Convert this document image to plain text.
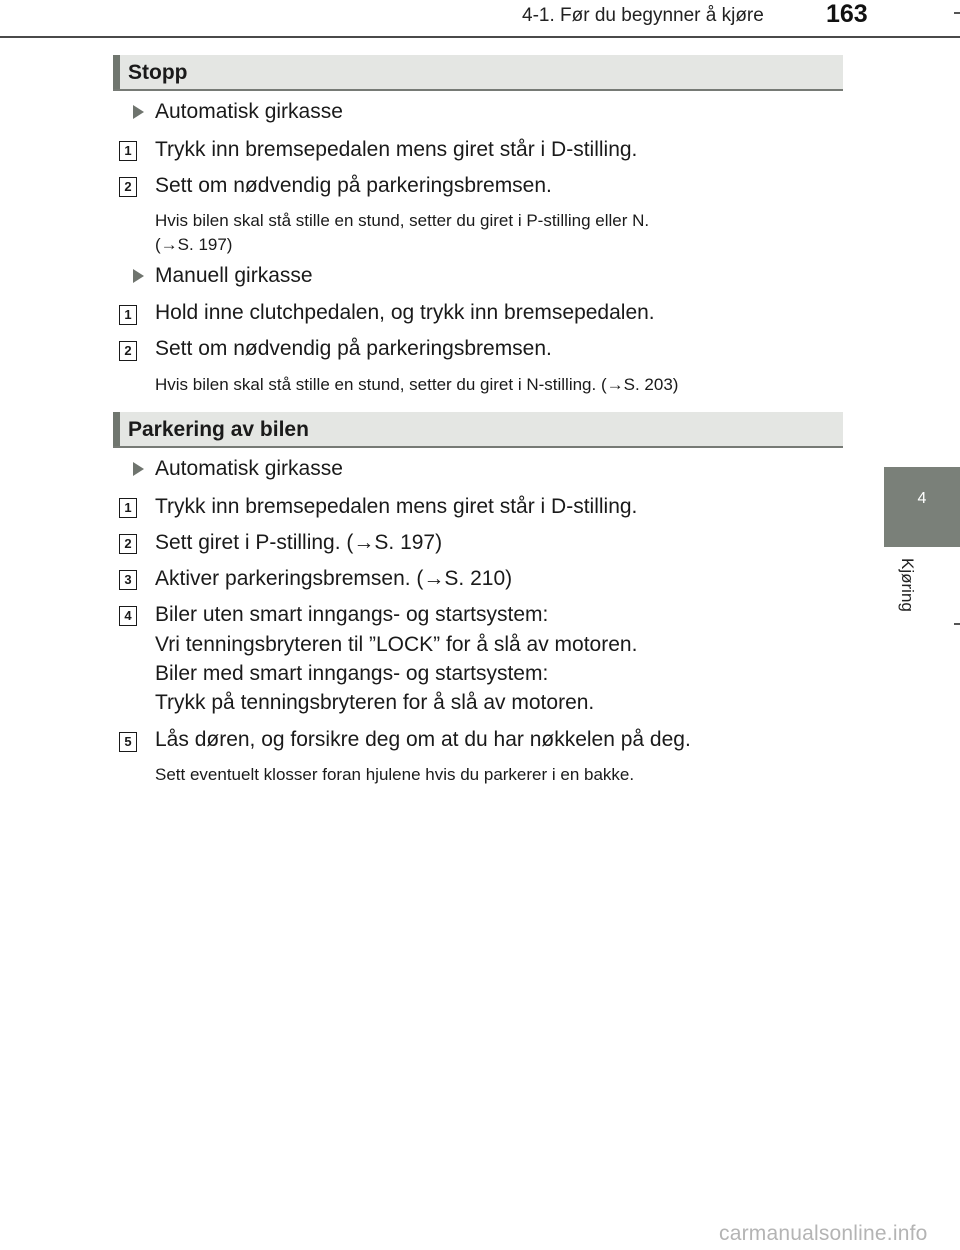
4-1. Før du begynner å kjøre 163
4
Kjøring
Stopp
Automatisk girkasse
1 Trykk inn bremsepedalen mens giret står i D-stilling.
2 Sett om nødvendig på parkeringsbremsen.
Hvis bilen skal stå stille en stund, setter du giret i P-stilling eller N.
(→S. 197)
Manuell girkasse
1 Hold inne clutchpedalen, og trykk inn bremsepedalen.
2 Sett om nødvendig på parkeringsbremsen.
Hvis bilen skal stå stille en stund, setter du giret i N-stilling. (→S. 203)
Parkering av bilen
Automatisk girkasse
1 Trykk inn bremsepedalen mens giret står i D-stilling.
2 Sett giret i P-stilling. (→S. 197)
3 Aktiver parkeringsbremsen. (→S. 210)
4 Biler uten smart inngangs- og startsystem:
Vri tenningsbryteren til ”LOCK” for å slå av motoren.
Biler med smart inngangs- og startsystem:
Trykk på tenningsbryteren for å slå av motoren.
5 Lås døren, og forsikre deg om at du har nøkkelen på deg.
Sett eventuelt klosser foran hjulene hvis du parkerer i en bakke.
carmanualsonline.info
